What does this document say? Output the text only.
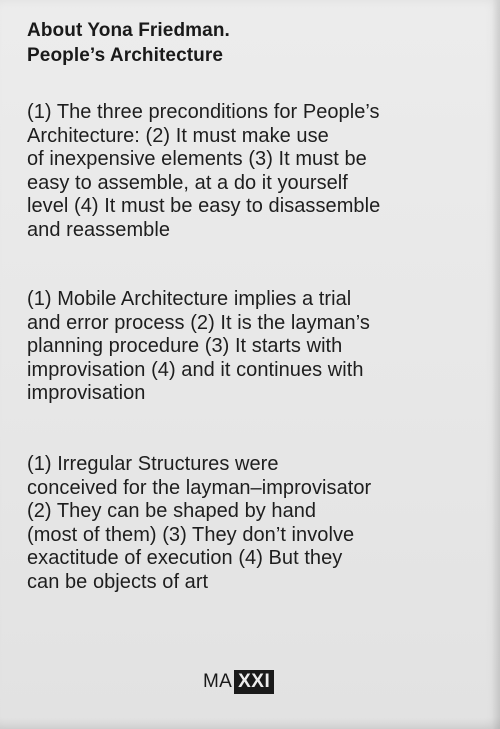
About Yona Friedman.
People’s Architecture

(1) The three preconditions for People’s
Architecture: (2) It must make use
of inexpensive elements (3) It must be
easy to assemble, at a do it yourself
level (4) It must be easy to disassemble
and reassemble

(1) Mobile Architecture implies a trial
and error process (2) It is the layman’s
planning procedure (3) It starts with
improvisation (4) and it continues with
improvisation

(1) Irregular Structures were
conceived for the layman–improvisator
(2) They can be shaped by hand
(most of them) (3) They don’t involve
exactitude of execution (4) But they
can be objects of art

MA XXI
